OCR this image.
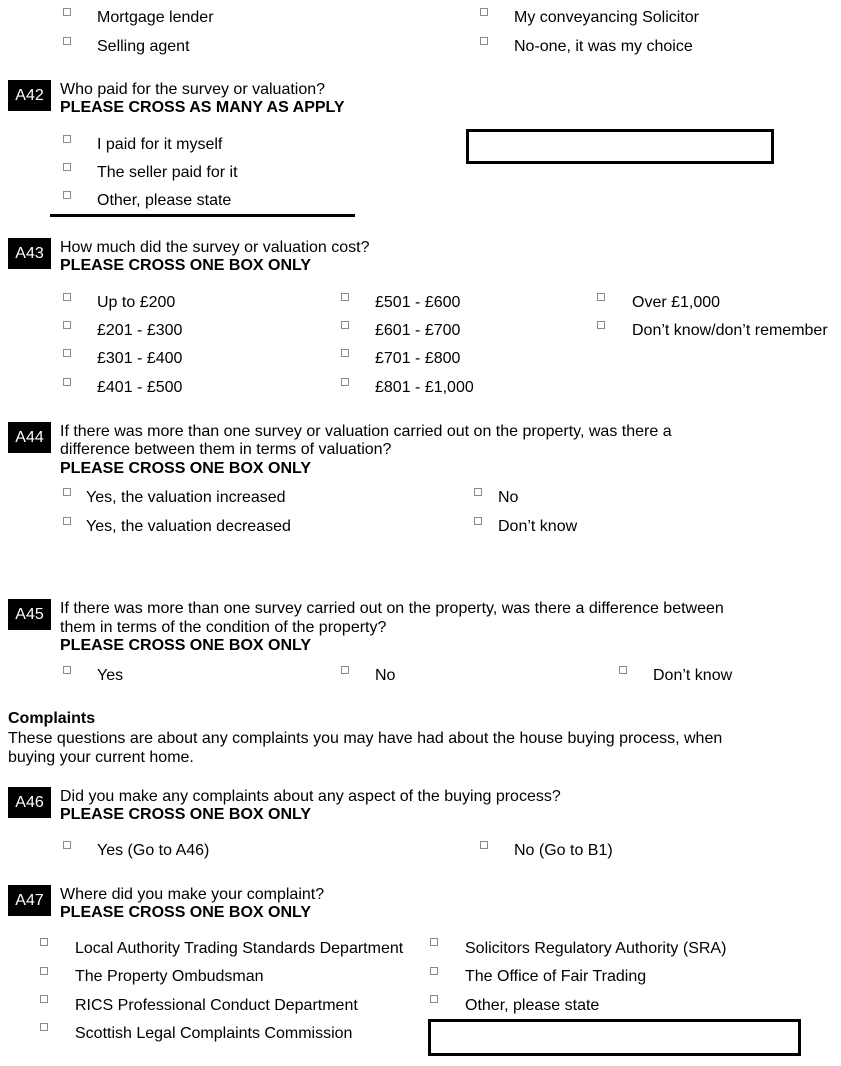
Mortgage lender	My conveyancing Solicitor
Selling agent	No-one, it was my choice
A42	Who paid for the survey or valuation?
PLEASE CROSS AS MANY AS APPLY
I paid for it myself
The seller paid for it
Other, please state
A43	How much did the survey or valuation cost?
PLEASE CROSS ONE BOX ONLY
Up to £200
£201 - £300
£301 - £400
£401 - £500
£501 - £600
£601 - £700
£701 - £800
£801 - £1,000
Over £1,000
Don’t know/don’t remember
A44	If there was more than one survey or valuation carried out on the property, was there a
difference between them in terms of valuation?
PLEASE CROSS ONE BOX ONLY
Yes, the valuation increased	No
Yes, the valuation decreased	Don’t know
A45	If there was more than one survey carried out on the property, was there a difference between
them in terms of the condition of the property?
PLEASE CROSS ONE BOX ONLY
Yes	No	Don’t know
Complaints
These questions are about any complaints you may have had about the house buying process, when
buying your current home.
A46	Did you make any complaints about any aspect of the buying process?
PLEASE CROSS ONE BOX ONLY
Yes (Go to A46)	No (Go to B1)
A47	Where did you make your complaint?
PLEASE CROSS ONE BOX ONLY
Local Authority Trading Standards Department	Solicitors Regulatory Authority (SRA)
The Property Ombudsman	The Office of Fair Trading
RICS Professional Conduct Department	Other, please state
Scottish Legal Complaints Commission
